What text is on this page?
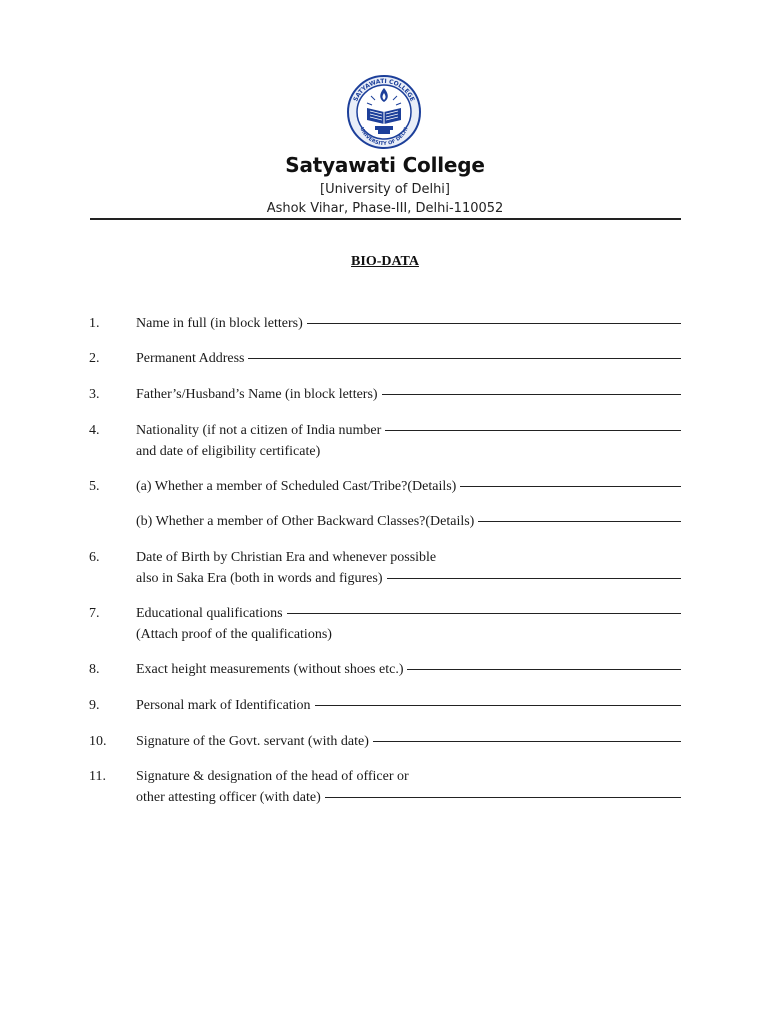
SATYAWATI COLLEGE
UNIVERSITY OF DELHI
Satyawati College
[University of Delhi]
Ashok Vihar, Phase-III, Delhi-110052
BIO-DATA
1.	Name in full (in block letters)
2.	Permanent Address
3.	Father’s/Husband’s Name (in block letters)
4.	Nationality (if not a citizen of India number
and date of eligibility certificate)
5.	(a) Whether a member of Scheduled Cast/Tribe?(Details)
(b) Whether a member of Other Backward Classes?(Details)
6.	Date of Birth by Christian Era and whenever possible
also in Saka Era (both in words and figures)
7.	Educational qualifications
(Attach proof of the qualifications)
8.	Exact height measurements (without shoes etc.)
9.	Personal mark of Identification
10. Signature of the Govt. servant (with date)
11. Signature & designation of the head of officer or
other attesting officer (with date)
